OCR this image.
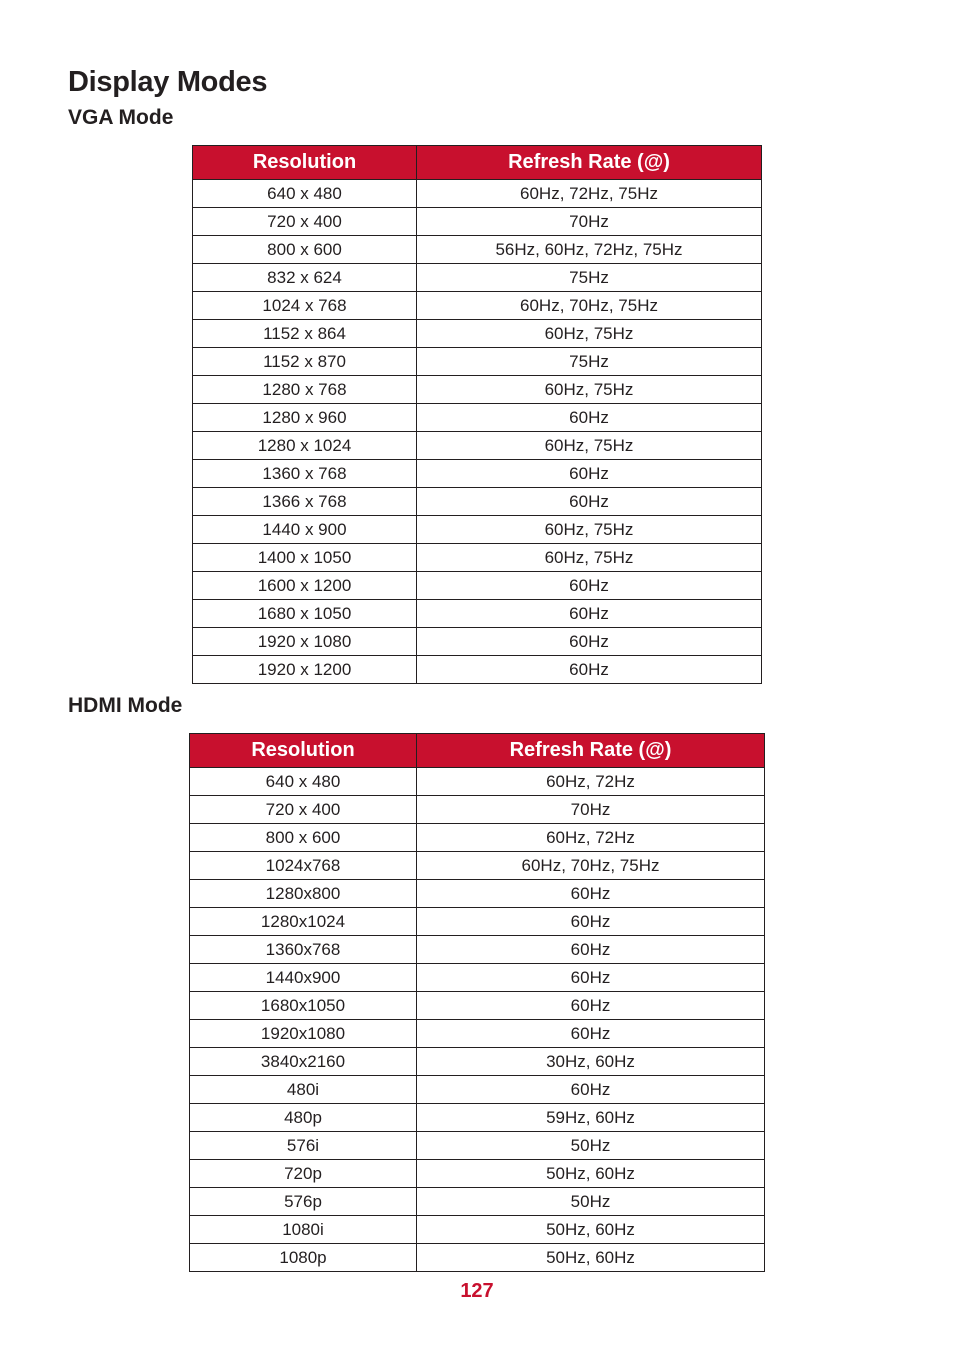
Display Modes
VGA Mode
Resolution	Refresh Rate (@)
640 x 480	60Hz, 72Hz, 75Hz
720 x 400	70Hz
800 x 600	56Hz, 60Hz, 72Hz, 75Hz
832 x 624	75Hz
1024 x 768	60Hz, 70Hz, 75Hz
1152 x 864	60Hz, 75Hz
1152 x 870	75Hz
1280 x 768	60Hz, 75Hz
1280 x 960	60Hz
1280 x 1024	60Hz, 75Hz
1360 x 768	60Hz
1366 x 768	60Hz
1440 x 900	60Hz, 75Hz
1400 x 1050	60Hz, 75Hz
1600 x 1200	60Hz
1680 x 1050	60Hz
1920 x 1080	60Hz
1920 x 1200	60Hz
HDMI Mode
Resolution	Refresh Rate (@)
640 x 480	60Hz, 72Hz
720 x 400	70Hz
800 x 600	60Hz, 72Hz
1024x768	60Hz, 70Hz, 75Hz
1280x800	60Hz
1280x1024	60Hz
1360x768	60Hz
1440x900	60Hz
1680x1050	60Hz
1920x1080	60Hz
3840x2160	30Hz, 60Hz
480i	60Hz
480p	59Hz, 60Hz
576i	50Hz
720p	50Hz, 60Hz
576p	50Hz
1080i	50Hz, 60Hz
1080p	50Hz, 60Hz
127
